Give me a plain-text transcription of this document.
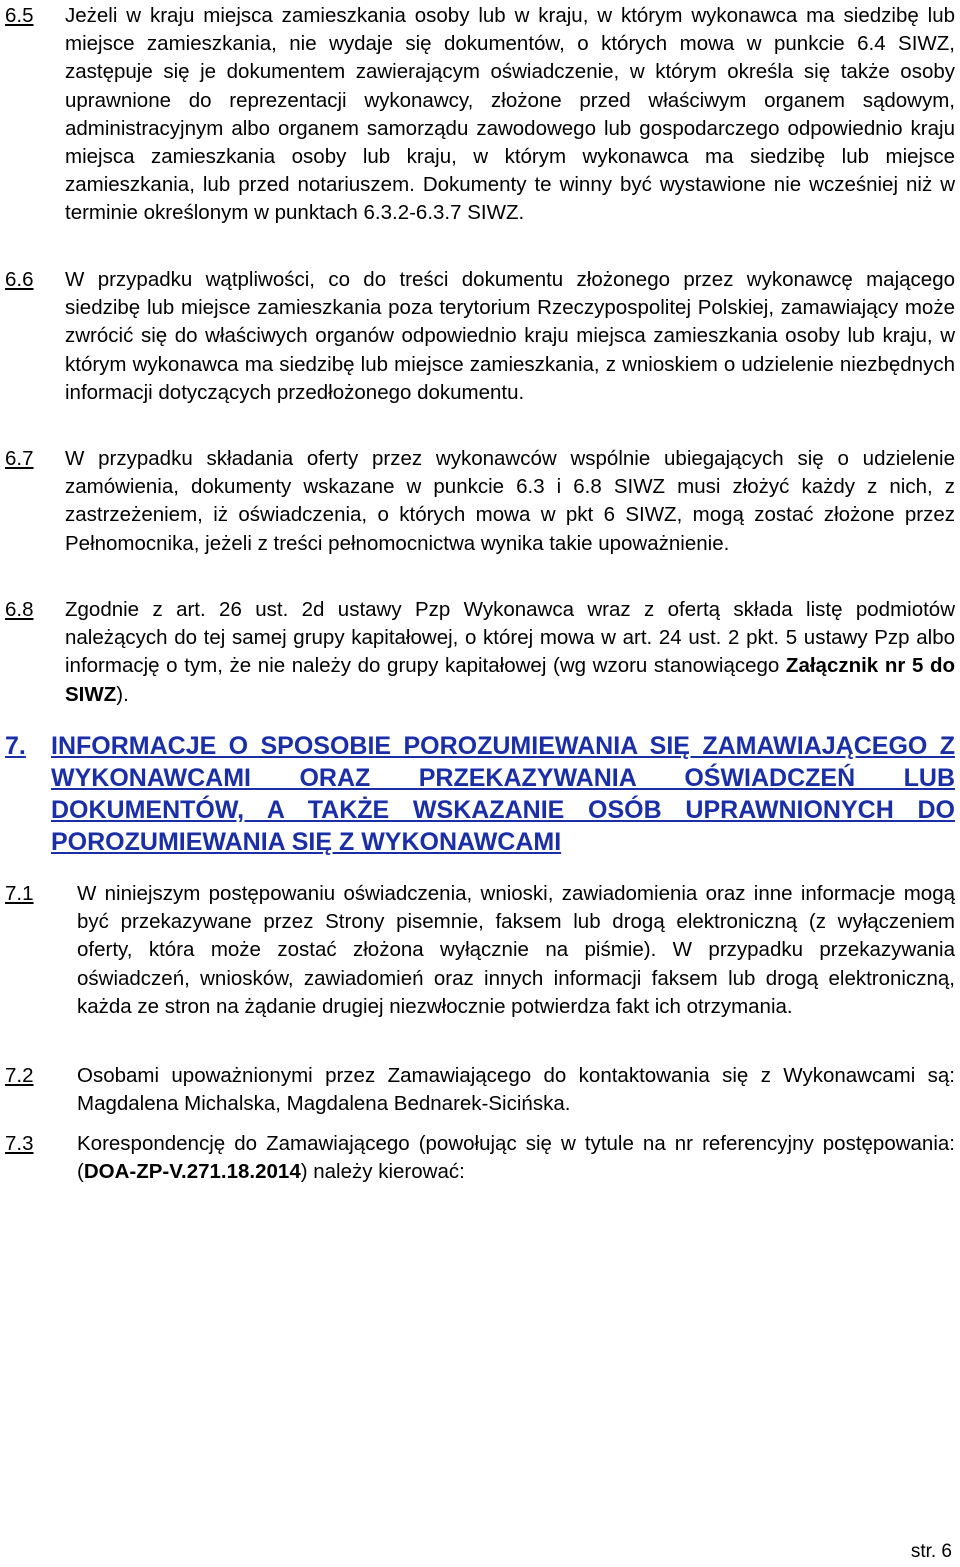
6.5 Jeżeli w kraju miejsca zamieszkania osoby lub w kraju, w którym wykonawca ma siedzibę lub miejsce zamieszkania, nie wydaje się dokumentów, o których mowa w punkcie 6.4 SIWZ, zastępuje się je dokumentem zawierającym oświadczenie, w którym określa się także osoby uprawnione do reprezentacji wykonawcy, złożone przed właściwym organem sądowym, administracyjnym albo organem samorządu zawodowego lub gospodarczego odpowiednio kraju miejsca zamieszkania osoby lub kraju, w którym wykonawca ma siedzibę lub miejsce zamieszkania, lub przed notariuszem. Dokumenty te winny być wystawione nie wcześniej niż w terminie określonym w punktach 6.3.2-6.3.7 SIWZ.
6.6 W przypadku wątpliwości, co do treści dokumentu złożonego przez wykonawcę mającego siedzibę lub miejsce zamieszkania poza terytorium Rzeczypospolitej Polskiej, zamawiający może zwrócić się do właściwych organów odpowiednio kraju miejsca zamieszkania osoby lub kraju, w którym wykonawca ma siedzibę lub miejsce zamieszkania, z wnioskiem o udzielenie niezbędnych informacji dotyczących przedłożonego dokumentu.
6.7 W przypadku składania oferty przez wykonawców wspólnie ubiegających się o udzielenie zamówienia, dokumenty wskazane w punkcie 6.3 i 6.8 SIWZ musi złożyć każdy z nich, z zastrzeżeniem, iż oświadczenia, o których mowa w pkt 6 SIWZ, mogą zostać złożone przez Pełnomocnika, jeżeli z treści pełnomocnictwa wynika takie upoważnienie.
6.8 Zgodnie z art. 26 ust. 2d ustawy Pzp Wykonawca wraz z ofertą składa listę podmiotów należących do tej samej grupy kapitałowej, o której mowa w art. 24 ust. 2 pkt. 5 ustawy Pzp albo informację o tym, że nie należy do grupy kapitałowej (wg wzoru stanowiącego Załącznik nr 5 do SIWZ).
7. INFORMACJE O SPOSOBIE POROZUMIEWANIA SIĘ ZAMAWIAJĄCEGO Z WYKONAWCAMI ORAZ PRZEKAZYWANIA OŚWIADCZEŃ LUB DOKUMENTÓW, A TAKŻE WSKAZANIE OSÓB UPRAWNIONYCH DO POROZUMIEWANIA SIĘ Z WYKONAWCAMI
7.1 W niniejszym postępowaniu oświadczenia, wnioski, zawiadomienia oraz inne informacje mogą być przekazywane przez Strony pisemnie, faksem lub drogą elektroniczną (z wyłączeniem oferty, która może zostać złożona wyłącznie na piśmie). W przypadku przekazywania oświadczeń, wniosków, zawiadomień oraz innych informacji faksem lub drogą elektroniczną, każda ze stron na żądanie drugiej niezwłocznie potwierdza fakt ich otrzymania.
7.2 Osobami upoważnionymi przez Zamawiającego do kontaktowania się z Wykonawcami są: Magdalena Michalska, Magdalena Bednarek-Sicińska.
7.3 Korespondencję do Zamawiającego (powołując się w tytule na nr referencyjny postępowania: (DOA-ZP-V.271.18.2014) należy kierować:
str. 6
